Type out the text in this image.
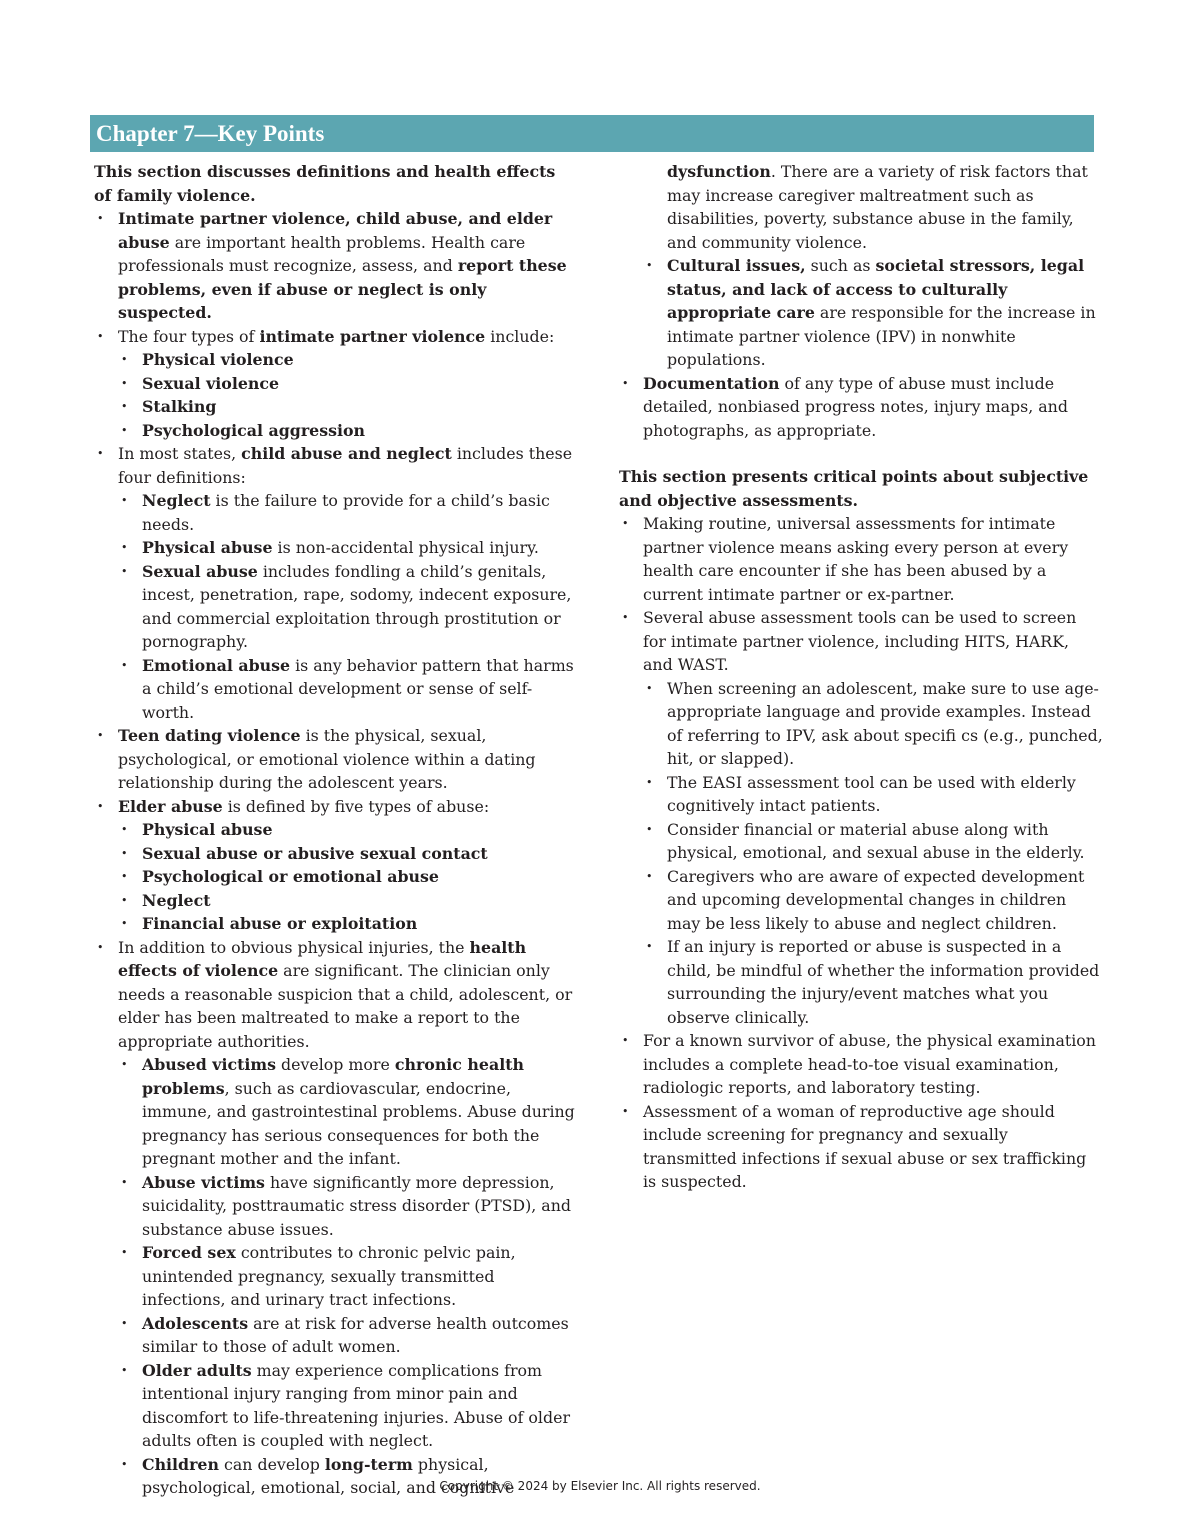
Chapter 7—Key Points

This section discusses definitions and health effects of family violence.

• Intimate partner violence, child abuse, and elder abuse are important health problems. Health care professionals must recognize, assess, and report these problems, even if abuse or neglect is only suspected.
• The four types of intimate partner violence include:
• Physical violence
• Sexual violence
• Stalking
• Psychological aggression
• In most states, child abuse and neglect includes these four definitions:
• Neglect is the failure to provide for a child’s basic needs.
• Physical abuse is non-accidental physical injury.
• Sexual abuse includes fondling a child’s genitals, incest, penetration, rape, sodomy, indecent exposure, and commercial exploitation through prostitution or pornography.
• Emotional abuse is any behavior pattern that harms a child’s emotional development or sense of self-worth.
• Teen dating violence is the physical, sexual, psychological, or emotional violence within a dating relationship during the adolescent years.
• Elder abuse is defined by five types of abuse:
• Physical abuse
• Sexual abuse or abusive sexual contact
• Psychological or emotional abuse
• Neglect
• Financial abuse or exploitation
• In addition to obvious physical injuries, the health effects of violence are significant. The clinician only needs a reasonable suspicion that a child, adolescent, or elder has been maltreated to make a report to the appropriate authorities.
• Abused victims develop more chronic health problems, such as cardiovascular, endocrine, immune, and gastrointestinal problems. Abuse during pregnancy has serious consequences for both the pregnant mother and the infant.
• Abuse victims have significantly more depression, suicidality, posttraumatic stress disorder (PTSD), and substance abuse issues.
• Forced sex contributes to chronic pelvic pain, unintended pregnancy, sexually transmitted infections, and urinary tract infections.
• Adolescents are at risk for adverse health outcomes similar to those of adult women.
• Older adults may experience complications from intentional injury ranging from minor pain and discomfort to life-threatening injuries. Abuse of older adults often is coupled with neglect.
• Children can develop long-term physical, psychological, emotional, social, and cognitive
dysfunction. There are a variety of risk factors that may increase caregiver maltreatment such as disabilities, poverty, substance abuse in the family, and community violence.
• Cultural issues, such as societal stressors, legal status, and lack of access to culturally appropriate care are responsible for the increase in intimate partner violence (IPV) in nonwhite populations.
• Documentation of any type of abuse must include detailed, nonbiased progress notes, injury maps, and photographs, as appropriate.

This section presents critical points about subjective and objective assessments.

• Making routine, universal assessments for intimate partner violence means asking every person at every health care encounter if she has been abused by a current intimate partner or ex-partner.
• Several abuse assessment tools can be used to screen for intimate partner violence, including HITS, HARK, and WAST.
• When screening an adolescent, make sure to use age-appropriate language and provide examples. Instead of referring to IPV, ask about specifi cs (e.g., punched, hit, or slapped).
• The EASI assessment tool can be used with elderly cognitively intact patients.
• Consider financial or material abuse along with physical, emotional, and sexual abuse in the elderly.
• Caregivers who are aware of expected development and upcoming developmental changes in children may be less likely to abuse and neglect children.
• If an injury is reported or abuse is suspected in a child, be mindful of whether the information provided surrounding the injury/event matches what you observe clinically.
• For a known survivor of abuse, the physical examination includes a complete head-to-toe visual examination, radiologic reports, and laboratory testing.
• Assessment of a woman of reproductive age should include screening for pregnancy and sexually transmitted infections if sexual abuse or sex trafficking is suspected.
Copyright © 2024 by Elsevier Inc. All rights reserved.
